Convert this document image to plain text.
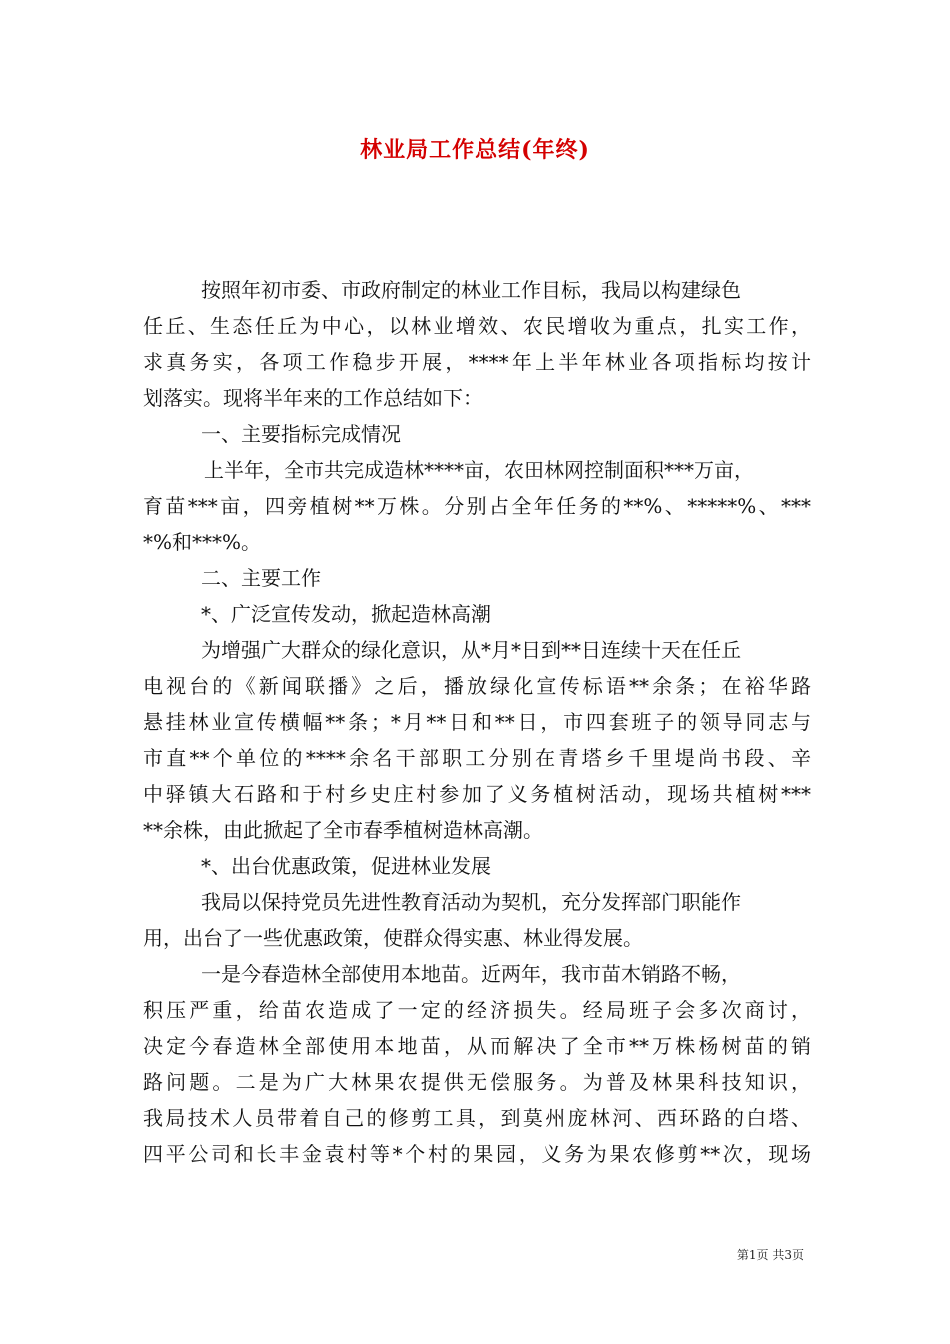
林业局工作总结(年终)
按照年初市委、市政府制定的林业工作目标，我局以构建绿色
任丘、生态任丘为中心，以林业增效、农民增收为重点，扎实工作，
求真务实，各项工作稳步开展，****年上半年林业各项指标均按计
划落实。现将半年来的工作总结如下：
一、主要指标完成情况
上半年，全市共完成造林****亩，农田林网控制面积***万亩，
育苗***亩，四旁植树**万株。分别占全年任务的**%、*****%、***
*%和***%。
二、主要工作
*、广泛宣传发动，掀起造林高潮
为增强广大群众的绿化意识，从*月*日到**日连续十天在任丘
电视台的《新闻联播》之后，播放绿化宣传标语**余条；在裕华路
悬挂林业宣传横幅**条；*月**日和**日，市四套班子的领导同志与
市直**个单位的****余名干部职工分别在青塔乡千里堤尚书段、辛
中驿镇大石路和于村乡史庄村参加了义务植树活动，现场共植树***
**余株，由此掀起了全市春季植树造林高潮。
*、出台优惠政策，促进林业发展
我局以保持党员先进性教育活动为契机，充分发挥部门职能作
用，出台了一些优惠政策，使群众得实惠、林业得发展。
一是今春造林全部使用本地苗。近两年，我市苗木销路不畅，
积压严重，给苗农造成了一定的经济损失。经局班子会多次商讨，
决定今春造林全部使用本地苗，从而解决了全市**万株杨树苗的销
路问题。二是为广大林果农提供无偿服务。为普及林果科技知识，
我局技术人员带着自己的修剪工具，到莫州庞林河、西环路的白塔、
四平公司和长丰金袁村等*个村的果园，义务为果农修剪**次，现场
第1页 共3页
